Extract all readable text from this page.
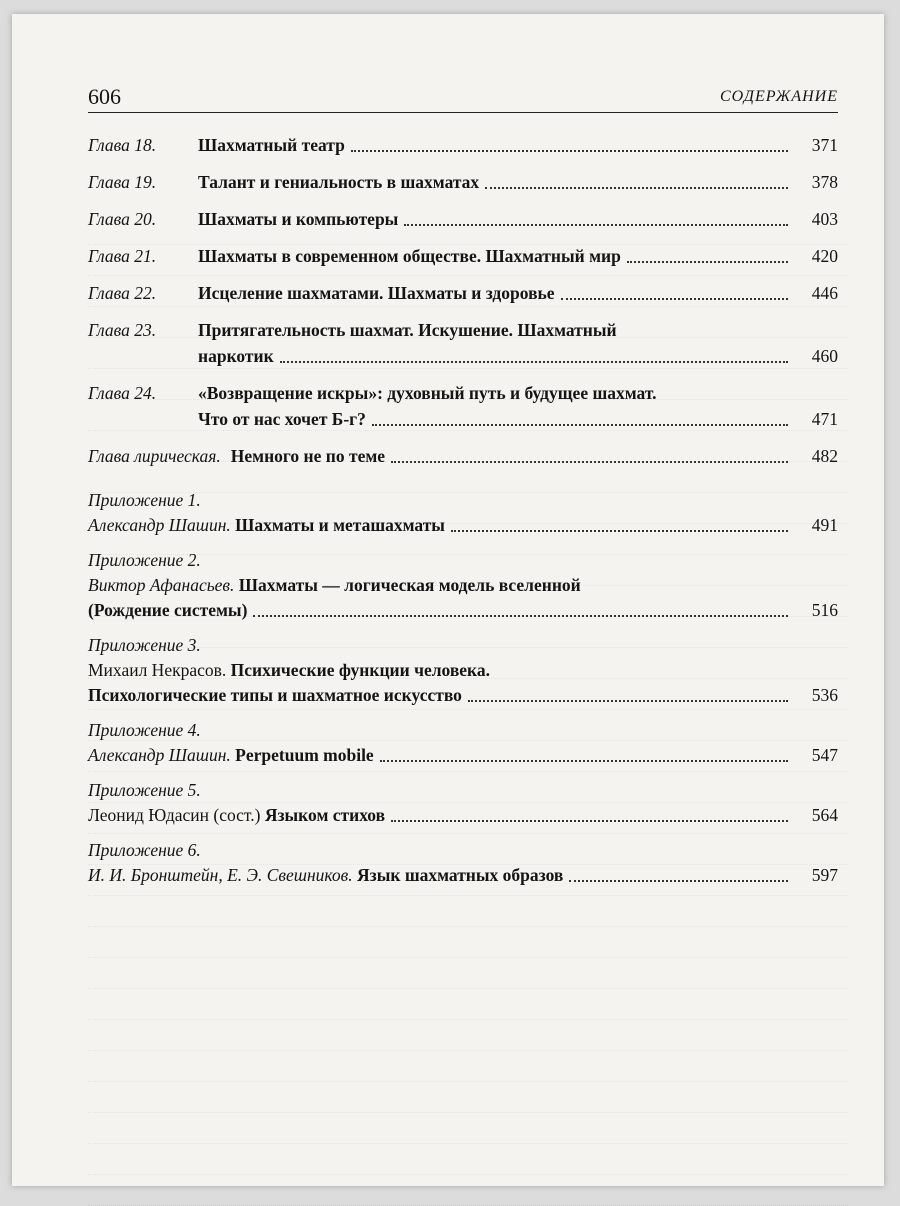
606	СОДЕРЖАНИЕ
Глава 18.	Шахматный театр	371
Глава 19.	Талант и гениальность в шахматах	378
Глава 20.	Шахматы и компьютеры	403
Глава 21.	Шахматы в современном обществе. Шахматный мир	420
Глава 22.	Исцеление шахматами. Шахматы и здоровье	446
Глава 23.	Притягательность шахмат. Искушение. Шахматный
наркотик	460
Глава 24.	«Возвращение искры»: духовный путь и будущее шахмат.
Что от нас хочет Б-г?	471
Глава лирическая. Немного не по теме	482
Приложение 1.
Александр Шашин.
Шахматы и меташахматы	491
Приложение 2.
Виктор Афанасьев.
Шахматы — логическая модель вселенной
(Рождение системы)	516
Приложение 3.
Михаил Некрасов.
Психические функции человека.
Психологические типы и шахматное искусство	536
Приложение 4.
Александр Шашин.
Perpetuum mobile	547
Приложение 5.
Леонид Юдасин (сост.)
Языком стихов	564
Приложение 6.
И. И. Бронштейн, Е. Э. Свешников.
Язык шахматных образов	597
